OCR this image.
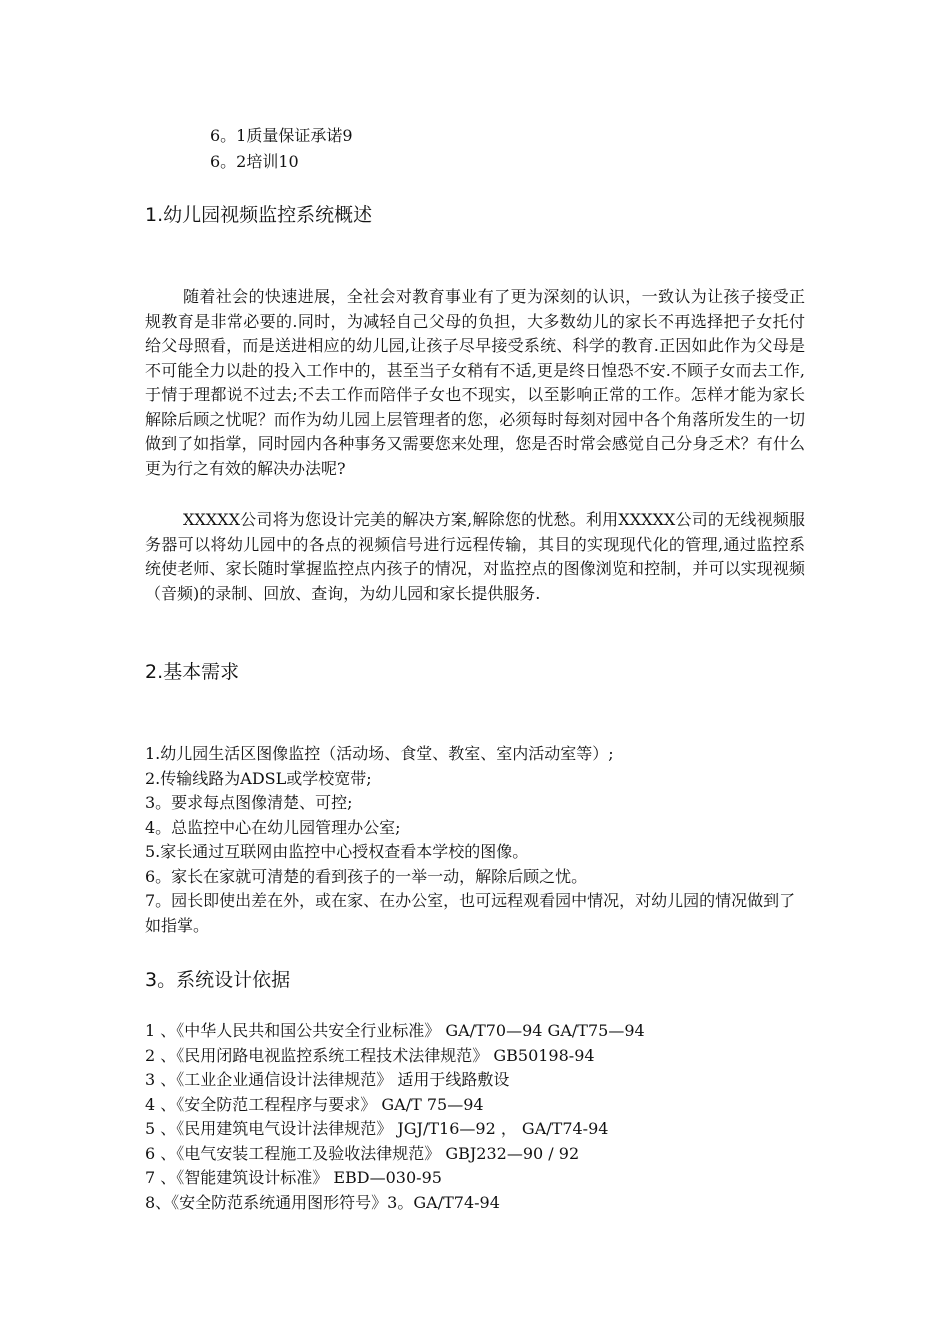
6。1质量保证承诺9
6。2培训10
1.幼儿园视频监控系统概述

随着社会的快速进展，全社会对教育事业有了更为深刻的认识，一致认为让孩子接受正规教育是非常必要的.同时，为减轻自己父母的负担，大多数幼儿的家长不再选择把子女托付给父母照看，而是送进相应的幼儿园,让孩子尽早接受系统、科学的教育.正因如此作为父母是不可能全力以赴的投入工作中的，甚至当子女稍有不适,更是终日惶恐不安.不顾子女而去工作,于情于理都说不过去;不去工作而陪伴子女也不现实，以至影响正常的工作。怎样才能为家长解除后顾之忧呢？而作为幼儿园上层管理者的您，必须每时每刻对园中各个角落所发生的一切做到了如指掌，同时园内各种事务又需要您来处理，您是否时常会感觉自己分身乏术？有什么更为行之有效的解决办法呢?

XXXXX公司将为您设计完美的解决方案,解除您的忧愁。利用XXXXX公司的无线视频服务器可以将幼儿园中的各点的视频信号进行远程传输，其目的实现现代化的管理,通过监控系统使老师、家长随时掌握监控点内孩子的情况，对监控点的图像浏览和控制，并可以实现视频（音频)的录制、回放、查询，为幼儿园和家长提供服务.

2.基本需求
1.幼儿园生活区图像监控（活动场、食堂、教室、室内活动室等）;
2.传输线路为ADSL或学校宽带;
3。要求每点图像清楚、可控;
4。总监控中心在幼儿园管理办公室;
5.家长通过互联网由监控中心授权查看本学校的图像。
6。家长在家就可清楚的看到孩子的一举一动，解除后顾之忧。
7。园长即使出差在外，或在家、在办公室，也可远程观看园中情况，对幼儿园的情况做到了如指掌。
3。系统设计依据
1 、《中华人民共和国公共安全行业标准》 GA/T70—94 GA/T75—94
2 、《民用闭路电视监控系统工程技术法律规范》 GB50198-94
3 、《工业企业通信设计法律规范》 适用于线路敷设
4 、《安全防范工程程序与要求》 GA/T 75—94
5 、《民用建筑电气设计法律规范》 JGJ/T16—92 ， GA/T74-94
6 、《电气安装工程施工及验收法律规范》 GBJ232—90 / 92
7 、《智能建筑设计标准》 EBD—030-95
8、《安全防范系统通用图形符号》3。GA/T74-94
